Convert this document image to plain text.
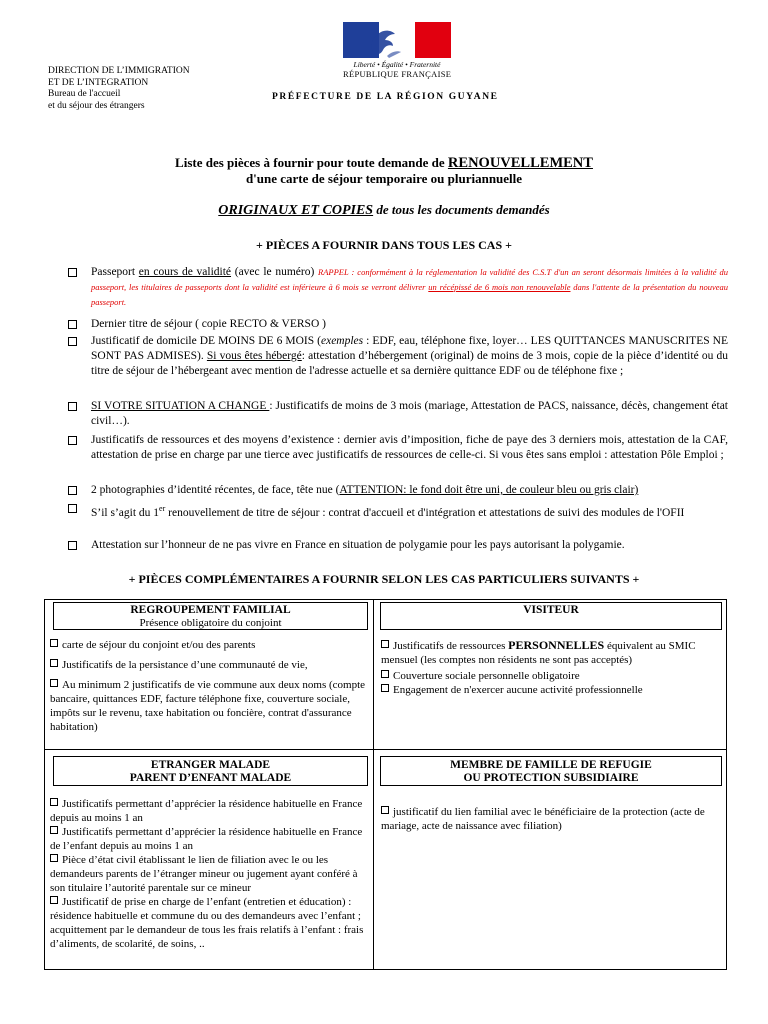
DIRECTION DE L’IMMIGRATION
ET DE L’INTEGRATION
Bureau de l'accueil
et du séjour des étrangers
Liberté • Égalité • Fraternité
RÉPUBLIQUE FRANÇAISE
PRÉFECTURE DE LA RÉGION GUYANE
Liste des pièces à fournir pour toute demande de RENOUVELLEMENT
d'une carte de séjour temporaire ou pluriannuelle
ORIGINAUX ET COPIES de tous les documents demandés
+ PIÈCES A FOURNIR DANS TOUS LES CAS +
Passeport en cours de validité (avec le numéro) RAPPEL : conformément à la réglementation la validité des C.S.T d'un an seront désormais limitées à la validité du passeport, les titulaires de passeports dont la validité est inférieure à 6 mois se verront délivrer un récépissé de 6 mois non renouvelable dans l'attente de la présentation du nouveau passeport.
Dernier titre de séjour ( copie RECTO & VERSO )
Justificatif de domicile DE MOINS DE 6 MOIS (exemples : EDF, eau, téléphone fixe, loyer… LES QUITTANCES MANUSCRITES NE SONT PAS ADMISES). Si vous êtes hébergé: attestation d’hébergement (original) de moins de 3 mois, copie de la pièce d’identité ou du titre de séjour de l’hébergeant avec mention de l'adresse actuelle et sa dernière quittance EDF ou de téléphone fixe ;
SI VOTRE SITUATION A CHANGE : Justificatifs de moins de 3 mois (mariage, Attestation de PACS, naissance, décès, changement état civil…).
Justificatifs de ressources et des moyens d’existence : dernier avis d’imposition, fiche de paye des 3 derniers mois, attestation de la CAF, attestation de prise en charge par une tierce avec justificatifs de ressources de celle-ci. Si vous êtes sans emploi : attestation Pôle Emploi ;
2 photographies d’identité récentes, de face, tête nue (ATTENTION: le fond doit être uni, de couleur bleu ou gris clair)
S’il s’agit du 1er renouvellement de titre de séjour : contrat d'accueil et d'intégration et attestations de suivi des modules de l'OFII
Attestation sur l’honneur de ne pas vivre en France en situation de polygamie pour les pays autorisant la polygamie.
+ PIÈCES COMPLÉMENTAIRES A FOURNIR SELON LES CAS PARTICULIERS SUIVANTS +
REGROUPEMENT FAMILIAL
Présence obligatoire du conjoint

carte de séjour du conjoint et/ou des parents

Justificatifs de la persistance d’une communauté de vie,

Au minimum 2 justificatifs de vie commune aux deux noms (compte bancaire, quittances EDF, facture téléphone fixe, couverture sociale, impôts sur le revenu, taxe habitation ou foncière, contrat d'assurance habitation)

VISITEUR

Justificatifs de ressources PERSONNELLES équivalent au SMIC mensuel (les comptes non résidents ne sont pas acceptés)

Couverture sociale personnelle obligatoire

Engagement de n'exercer aucune activité professionnelle

ETRANGER MALADE
PARENT D’ENFANT MALADE

Justificatifs permettant d’apprécier la résidence habituelle en France depuis au moins 1 an

Justificatifs permettant d’apprécier la résidence habituelle en France de l’enfant depuis au moins 1 an

Pièce d’état civil établissant le lien de filiation avec le ou les demandeurs parents de l’étranger mineur ou jugement ayant conféré à son titulaire l’autorité parentale sur ce mineur

Justificatif de prise en charge de l’enfant (entretien et éducation) : résidence habituelle et commune du ou des demandeurs avec l’enfant ; acquittement par le demandeur de tous les frais relatifs à l’enfant : frais d’aliments, de scolarité, de soins, ..

MEMBRE DE FAMILLE DE REFUGIE
OU PROTECTION SUBSIDIAIRE

justificatif du lien familial avec le bénéficiaire de la protection (acte de mariage, acte de naissance avec filiation)
